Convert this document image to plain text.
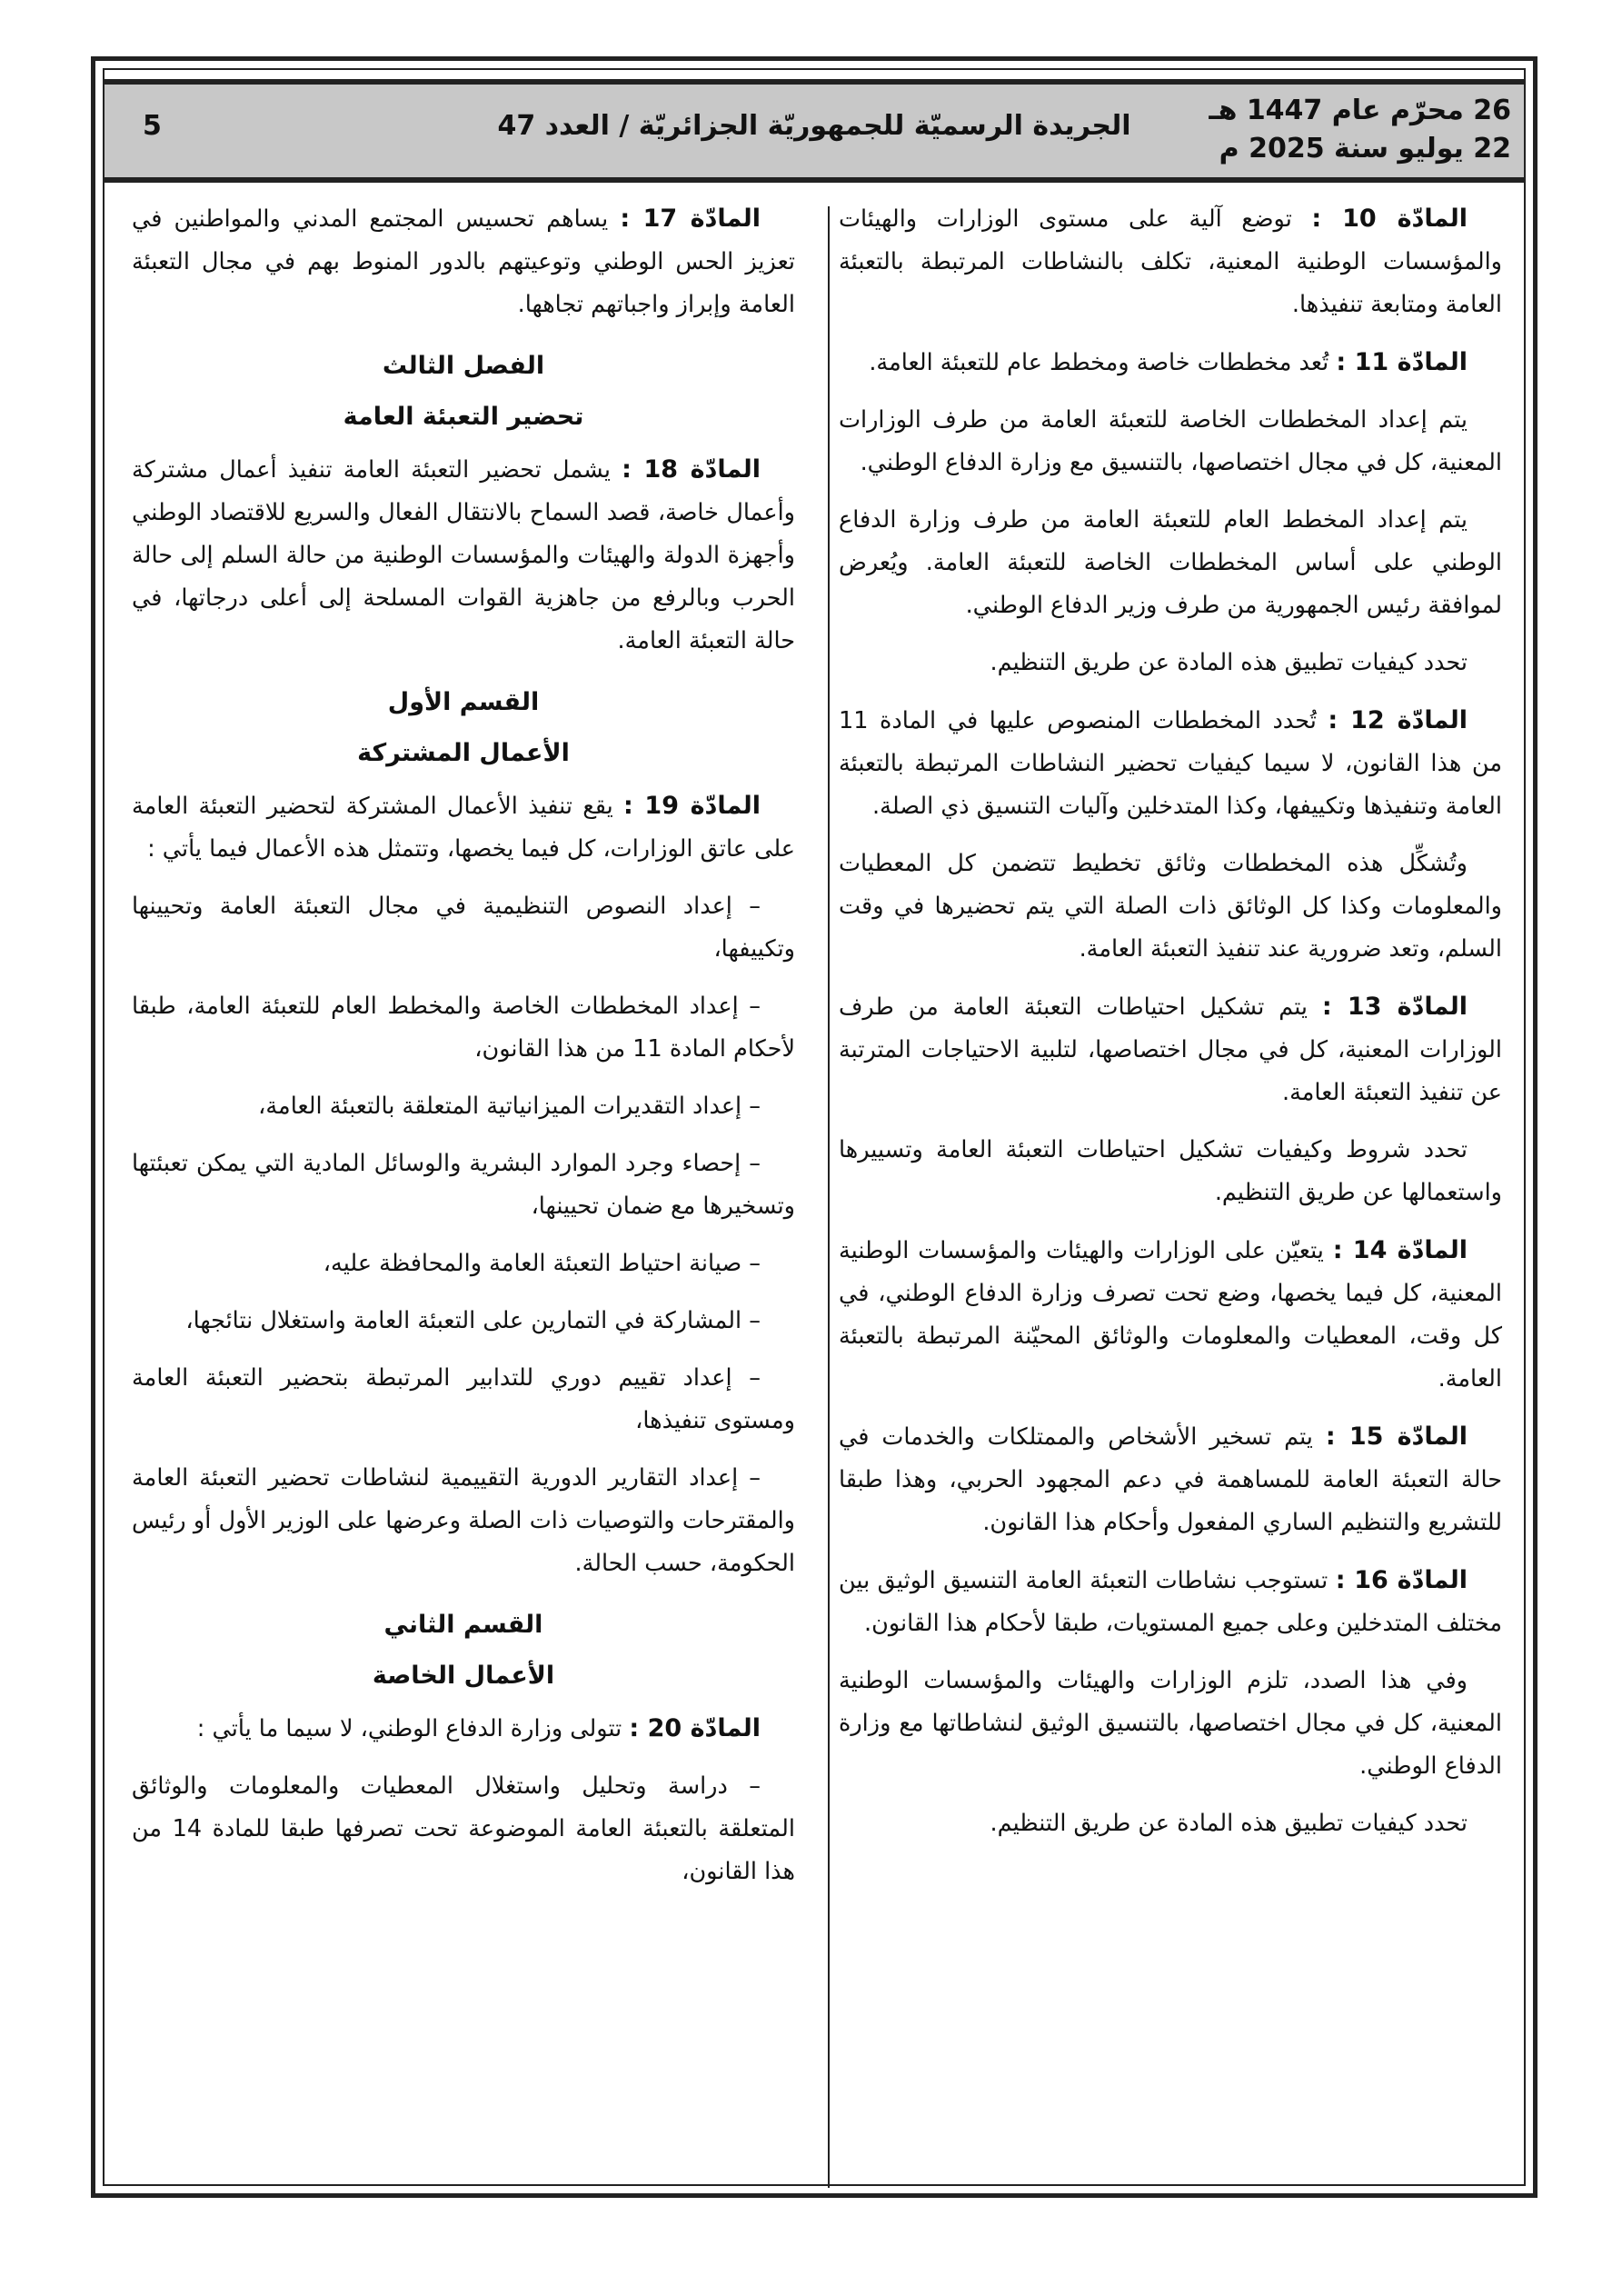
26 محرّم عام 1447 هـ
22 يوليو سنة 2025 م
الجريدة الرسميّة للجمهوريّة الجزائريّة / العدد 47
5

المادّة 10 : توضع آلية على مستوى الوزارات والهيئات والمؤسسات الوطنية المعنية، تكلف بالنشاطات المرتبطة بالتعبئة العامة ومتابعة تنفيذها.

المادّة 11 : تُعد مخططات خاصة ومخطط عام للتعبئة العامة.

يتم إعداد المخططات الخاصة للتعبئة العامة من طرف الوزارات المعنية، كل في مجال اختصاصها، بالتنسيق مع وزارة الدفاع الوطني.

يتم إعداد المخطط العام للتعبئة العامة من طرف وزارة الدفاع الوطني على أساس المخططات الخاصة للتعبئة العامة. ويُعرض لموافقة رئيس الجمهورية من طرف وزير الدفاع الوطني.

تحدد كيفيات تطبيق هذه المادة عن طريق التنظيم.

المادّة 12 : تُحدد المخططات المنصوص عليها في المادة 11 من هذا القانون، لا سيما كيفيات تحضير النشاطات المرتبطة بالتعبئة العامة وتنفيذها وتكييفها، وكذا المتدخلين وآليات التنسيق ذي الصلة.

وتُشكِّل هذه المخططات وثائق تخطيط تتضمن كل المعطيات والمعلومات وكذا كل الوثائق ذات الصلة التي يتم تحضيرها في وقت السلم، وتعد ضرورية عند تنفيذ التعبئة العامة.

المادّة 13 : يتم تشكيل احتياطات التعبئة العامة من طرف الوزارات المعنية، كل في مجال اختصاصها، لتلبية الاحتياجات المترتبة عن تنفيذ التعبئة العامة.

تحدد شروط وكيفيات تشكيل احتياطات التعبئة العامة وتسييرها واستعمالها عن طريق التنظيم.

المادّة 14 : يتعيّن على الوزارات والهيئات والمؤسسات الوطنية المعنية، كل فيما يخصها، وضع تحت تصرف وزارة الدفاع الوطني، في كل وقت، المعطيات والمعلومات والوثائق المحيّنة المرتبطة بالتعبئة العامة.

المادّة 15 : يتم تسخير الأشخاص والممتلكات والخدمات في حالة التعبئة العامة للمساهمة في دعم المجهود الحربي، وهذا طبقا للتشريع والتنظيم الساري المفعول وأحكام هذا القانون.

المادّة 16 : تستوجب نشاطات التعبئة العامة التنسيق الوثيق بين مختلف المتدخلين وعلى جميع المستويات، طبقا لأحكام هذا القانون.

وفي هذا الصدد، تلزم الوزارات والهيئات والمؤسسات الوطنية المعنية، كل في مجال اختصاصها، بالتنسيق الوثيق لنشاطاتها مع وزارة الدفاع الوطني.

تحدد كيفيات تطبيق هذه المادة عن طريق التنظيم.

المادّة 17 : يساهم تحسيس المجتمع المدني والمواطنين في تعزيز الحس الوطني وتوعيتهم بالدور المنوط بهم في مجال التعبئة العامة وإبراز واجباتهم تجاهها.

الفصل الثالث
تحضير التعبئة العامة

المادّة 18 : يشمل تحضير التعبئة العامة تنفيذ أعمال مشتركة وأعمال خاصة، قصد السماح بالانتقال الفعال والسريع للاقتصاد الوطني وأجهزة الدولة والهيئات والمؤسسات الوطنية من حالة السلم إلى حالة الحرب وبالرفع من جاهزية القوات المسلحة إلى أعلى درجاتها، في حالة التعبئة العامة.

القسم الأول
الأعمال المشتركة

المادّة 19 : يقع تنفيذ الأعمال المشتركة لتحضير التعبئة العامة على عاتق الوزارات، كل فيما يخصها، وتتمثل هذه الأعمال فيما يأتي :

– إعداد النصوص التنظيمية في مجال التعبئة العامة وتحيينها وتكييفها،

– إعداد المخططات الخاصة والمخطط العام للتعبئة العامة، طبقا لأحكام المادة 11 من هذا القانون،

– إعداد التقديرات الميزانياتية المتعلقة بالتعبئة العامة،

– إحصاء وجرد الموارد البشرية والوسائل المادية التي يمكن تعبئتها وتسخيرها مع ضمان تحيينها،

– صيانة احتياط التعبئة العامة والمحافظة عليه،

– المشاركة في التمارين على التعبئة العامة واستغلال نتائجها،

– إعداد تقييم دوري للتدابير المرتبطة بتحضير التعبئة العامة ومستوى تنفيذها،

– إعداد التقارير الدورية التقييمية لنشاطات تحضير التعبئة العامة والمقترحات والتوصيات ذات الصلة وعرضها على الوزير الأول أو رئيس الحكومة، حسب الحالة.

القسم الثاني
الأعمال الخاصة

المادّة 20 : تتولى وزارة الدفاع الوطني، لا سيما ما يأتي :

– دراسة وتحليل واستغلال المعطيات والمعلومات والوثائق المتعلقة بالتعبئة العامة الموضوعة تحت تصرفها طبقا للمادة 14 من هذا القانون،
